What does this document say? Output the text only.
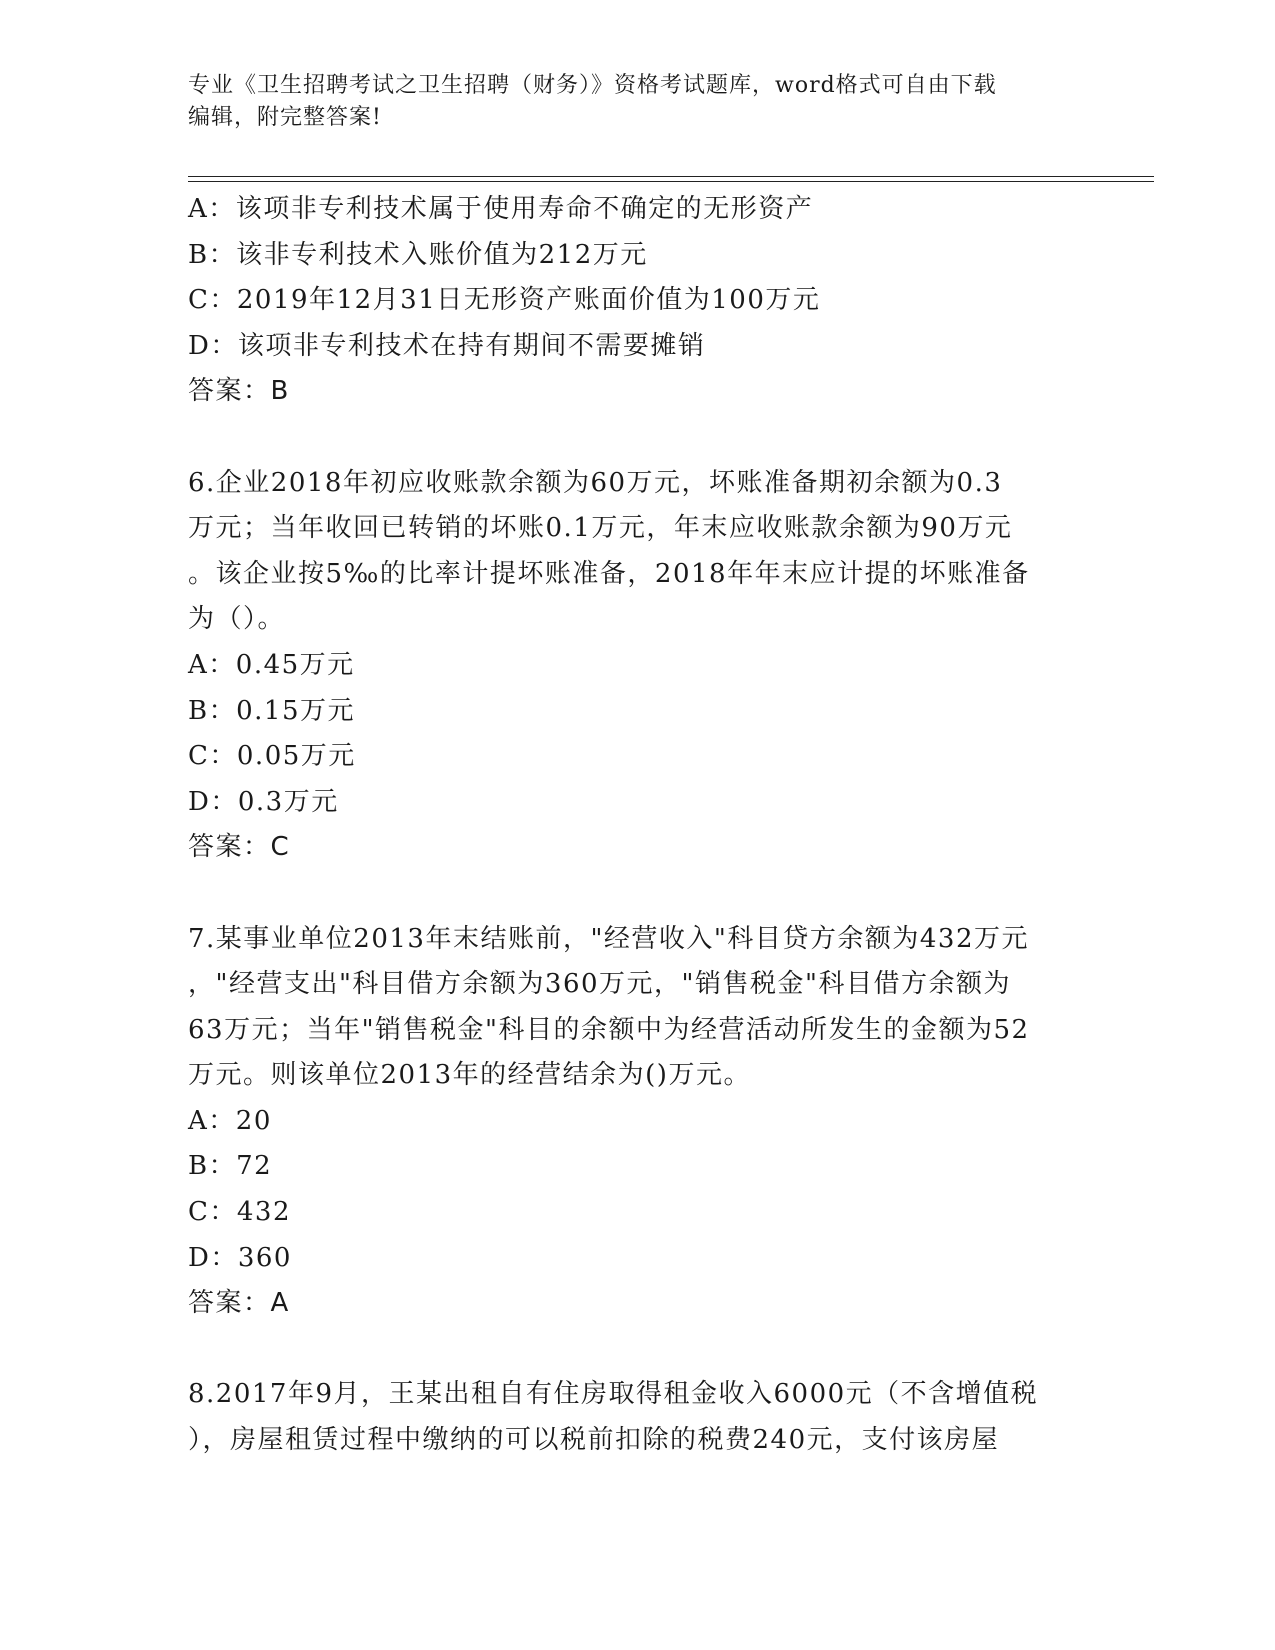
专业《卫生招聘考试之卫生招聘（财务）》资格考试题库，word格式可自由下载
编辑，附完整答案!
A：该项非专利技术属于使用寿命不确定的无形资产
B：该非专利技术入账价值为212万元
C：2019年12月31日无形资产账面价值为100万元
D：该项非专利技术在持有期间不需要摊销
答案：B
6.企业2018年初应收账款余额为60万元，坏账准备期初余额为0.3
万元；当年收回已转销的坏账0.1万元，年末应收账款余额为90万元
。该企业按5‰的比率计提坏账准备，2018年年末应计提的坏账准备
为（）。
A：0.45万元
B：0.15万元
C：0.05万元
D：0.3万元
答案：C
7.某事业单位2013年末结账前，"经营收入"科目贷方余额为432万元
，"经营支出"科目借方余额为360万元，"销售税金"科目借方余额为
63万元；当年"销售税金"科目的余额中为经营活动所发生的金额为52
万元。则该单位2013年的经营结余为()万元。
A：20
B：72
C：432
D：360
答案：A
8.2017年9月，王某出租自有住房取得租金收入6000元（不含增值税
），房屋租赁过程中缴纳的可以税前扣除的税费240元，支付该房屋
